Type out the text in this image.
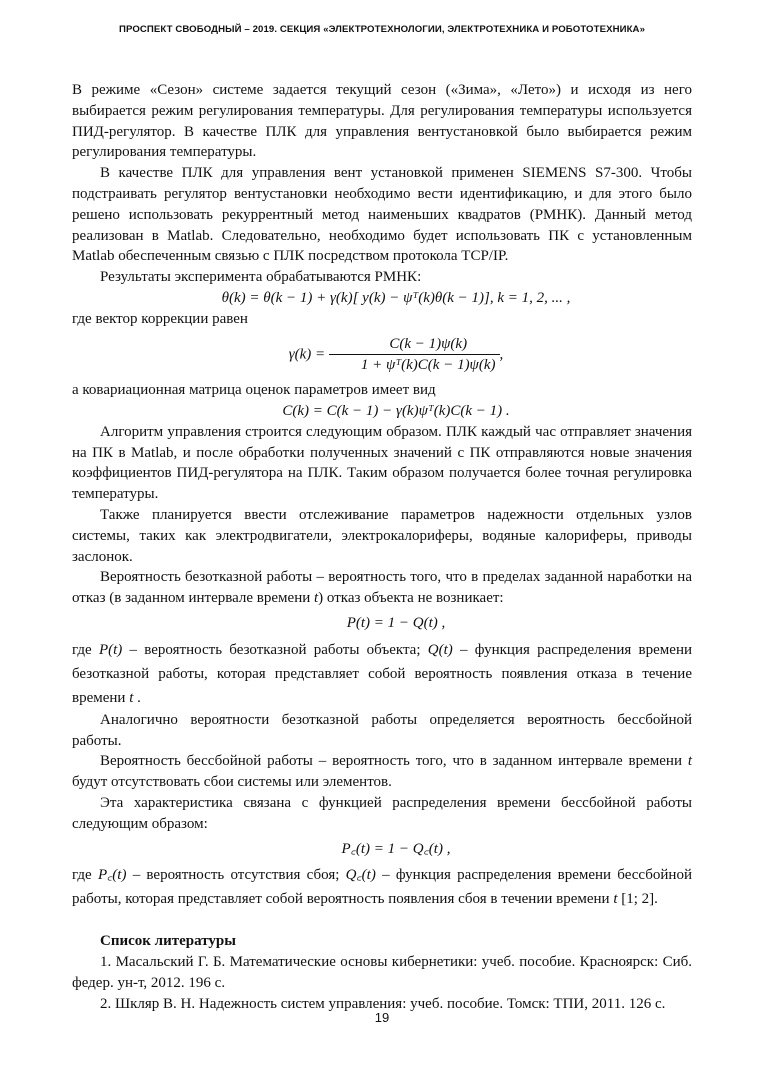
ПРОСПЕКТ СВОБОДНЫЙ – 2019. СЕКЦИЯ «ЭЛЕКТРОТЕХНОЛОГИИ, ЭЛЕКТРОТЕХНИКА И РОБОТОТЕХНИКА»

В режиме «Сезон» системе задается текущий сезон («Зима», «Лето») и исходя из него выбирается режим регулирования температуры. Для регулирования температуры используется ПИД-регулятор. В качестве ПЛК для управления вентустановкой было выбирается режим регулирования температуры.

В качестве ПЛК для управления вент установкой применен SIEMENS S7-300. Чтобы подстраивать регулятор вентустановки необходимо вести идентификацию, и для этого было решено использовать рекуррентный метод наименьших квадратов (РМНК). Данный метод реализован в Matlab. Следовательно, необходимо будет использовать ПК с установленным Matlab обеспеченным связью с ПЛК посредством протокола TCP/IP.

Результаты эксперимента обрабатываются РМНК:

θ(k) = θ(k − 1) + γ(k)[ y(k) − ψᵀ(k)θ(k − 1)], k = 1, 2, ... ,

где вектор коррекции равен

$\gamma(k) = \frac{C(k - 1)\psi(k)}{\text{1 + ψᵀ(k)C(k − 1)ψ(k)}}$ ,

а ковариационная матрица оценок параметров имеет вид

C(k) = C(k − 1) − γ(k)ψᵀ(k)C(k − 1) .

Алгоритм управления строится следующим образом. ПЛК каждый час отправляет значения на ПК в Matlab, и после обработки полученных значений с ПК отправляются новые значения коэффициентов ПИД-регулятора на ПЛК. Таким образом получается более точная регулировка температуры.

Также планируется ввести отслеживание параметров надежности отдельных узлов системы, таких как электродвигатели, электрокалориферы, водяные калориферы, приводы заслонок.

Вероятность безотказной работы – вероятность того, что в пределах заданной наработки на отказ (в заданном интервале времени t) отказ объекта не возникает:

P(t) = 1 − Q(t) ,

где P(t) – вероятность безотказной работы объекта; Q(t) – функция распределения времени безотказной работы, которая представляет собой вероятность появления отказа в течение времени t .

Аналогично вероятности безотказной работы определяется вероятность бессбойной работы.

Вероятность бессбойной работы – вероятность того, что в заданном интервале времени t будут отсутствовать сбои системы или элементов.

Эта характеристика связана с функцией распределения времени бессбойной работы следующим образом:

P꜀(t) = 1 − Q꜀(t) ,

где P꜀(t) – вероятность отсутствия сбоя; Q꜀(t) – функция распределения времени бессбойной работы, которая представляет собой вероятность появления сбоя в течении времени t [1; 2].

Список литературы

1. Масальский Г. Б. Математические основы кибернетики: учеб. пособие. Красноярск: Сиб. федер. ун-т, 2012. 196 с.

2. Шкляр В. Н. Надежность систем управления: учеб. пособие. Томск: ТПИ, 2011. 126 с.

19
